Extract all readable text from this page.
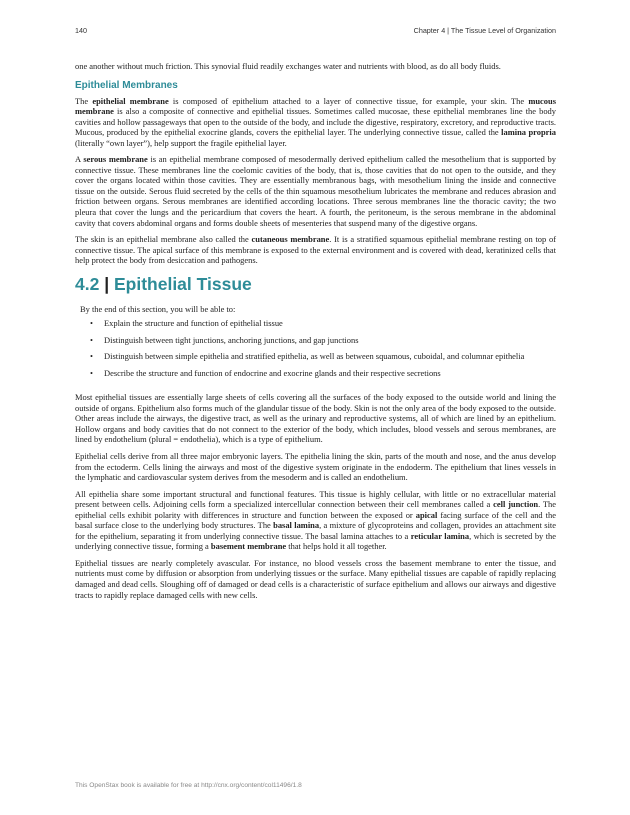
140	Chapter 4 | The Tissue Level of Organization

one another without much friction. This synovial fluid readily exchanges water and nutrients with blood, as do all body fluids.

Epithelial Membranes

The epithelial membrane is composed of epithelium attached to a layer of connective tissue, for example, your skin. The mucous membrane is also a composite of connective and epithelial tissues. Sometimes called mucosae, these epithelial membranes line the body cavities and hollow passageways that open to the outside of the body, and include the digestive, respiratory, excretory, and reproductive tracts. Mucous, produced by the epithelial exocrine glands, covers the epithelial layer. The underlying connective tissue, called the lamina propria (literally “own layer”), help support the fragile epithelial layer.

A serous membrane is an epithelial membrane composed of mesodermally derived epithelium called the mesothelium that is supported by connective tissue. These membranes line the coelomic cavities of the body, that is, those cavities that do not open to the outside, and they cover the organs located within those cavities. They are essentially membranous bags, with mesothelium lining the inside and connective tissue on the outside. Serous fluid secreted by the cells of the thin squamous mesothelium lubricates the membrane and reduces abrasion and friction between organs. Serous membranes are identified according locations. Three serous membranes line the thoracic cavity; the two pleura that cover the lungs and the pericardium that covers the heart. A fourth, the peritoneum, is the serous membrane in the abdominal cavity that covers abdominal organs and forms double sheets of mesenteries that suspend many of the digestive organs.

The skin is an epithelial membrane also called the cutaneous membrane. It is a stratified squamous epithelial membrane resting on top of connective tissue. The apical surface of this membrane is exposed to the external environment and is covered with dead, keratinized cells that help protect the body from desiccation and pathogens.

4.2 | Epithelial Tissue
By the end of this section, you will be able to:
• Explain the structure and function of epithelial tissue
• Distinguish between tight junctions, anchoring junctions, and gap junctions
• Distinguish between simple epithelia and stratified epithelia, as well as between squamous, cuboidal, and columnar epithelia
• Describe the structure and function of endocrine and exocrine glands and their respective secretions

Most epithelial tissues are essentially large sheets of cells covering all the surfaces of the body exposed to the outside world and lining the outside of organs. Epithelium also forms much of the glandular tissue of the body. Skin is not the only area of the body exposed to the outside. Other areas include the airways, the digestive tract, as well as the urinary and reproductive systems, all of which are lined by an epithelium. Hollow organs and body cavities that do not connect to the exterior of the body, which includes, blood vessels and serous membranes, are lined by endothelium (plural = endothelia), which is a type of epithelium.

Epithelial cells derive from all three major embryonic layers. The epithelia lining the skin, parts of the mouth and nose, and the anus develop from the ectoderm. Cells lining the airways and most of the digestive system originate in the endoderm. The epithelium that lines vessels in the lymphatic and cardiovascular system derives from the mesoderm and is called an endothelium.

All epithelia share some important structural and functional features. This tissue is highly cellular, with little or no extracellular material present between cells. Adjoining cells form a specialized intercellular connection between their cell membranes called a cell junction. The epithelial cells exhibit polarity with differences in structure and function between the exposed or apical facing surface of the cell and the basal surface close to the underlying body structures. The basal lamina, a mixture of glycoproteins and collagen, provides an attachment site for the epithelium, separating it from underlying connective tissue. The basal lamina attaches to a reticular lamina, which is secreted by the underlying connective tissue, forming a basement membrane that helps hold it all together.

Epithelial tissues are nearly completely avascular. For instance, no blood vessels cross the basement membrane to enter the tissue, and nutrients must come by diffusion or absorption from underlying tissues or the surface. Many epithelial tissues are capable of rapidly replacing damaged and dead cells. Sloughing off of damaged or dead cells is a characteristic of surface epithelium and allows our airways and digestive tracts to rapidly replace damaged cells with new cells.

This OpenStax book is available for free at http://cnx.org/content/col11496/1.8
